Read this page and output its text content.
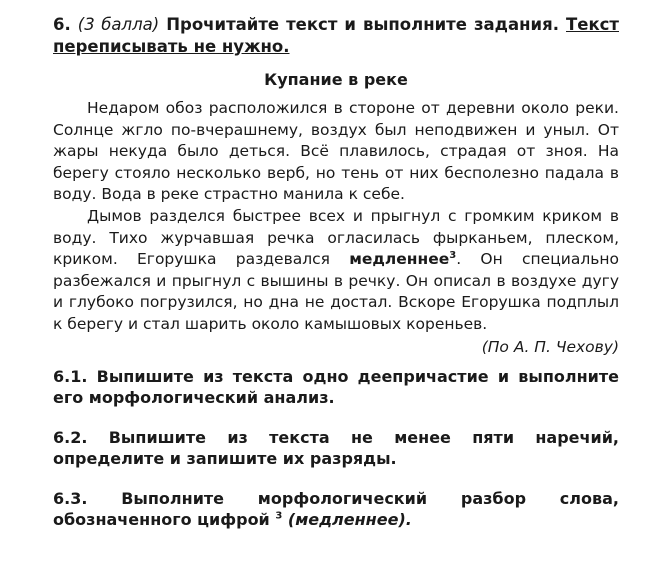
6. (3 балла) Прочитайте текст и выполните задания. Текст переписывать не нужно.

Купание в реке

Недаром обоз расположился в стороне от деревни около реки. Солнце жгло по-вчерашнему, воздух был неподвижен и уныл. От жары некуда было деться. Всё плавилось, страдая от зноя. На берегу стояло несколько верб, но тень от них бесполезно падала в воду. Вода в реке страстно манила к себе.

Дымов разделся быстрее всех и прыгнул с громким криком в воду. Тихо журчавшая речка огласилась фырканьем, плеском, криком. Егорушка раздевался медленнее$^3$. Он специально разбежался и прыгнул с вышины в речку. Он описал в воздухе дугу и глубоко погрузился, но дна не достал. Вскоре Егорушка подплыл к берегу и стал шарить около камышовых кореньев.

(По А. П. Чехову)

6.1. Выпишите из текста одно деепричастие и выполните его морфологический анализ.

6.2. Выпишите из текста не менее пяти наречий, определите и запишите их разряды.

6.3. Выполните морфологический разбор слова, обозначенного цифрой $^3$ (медленнее).
